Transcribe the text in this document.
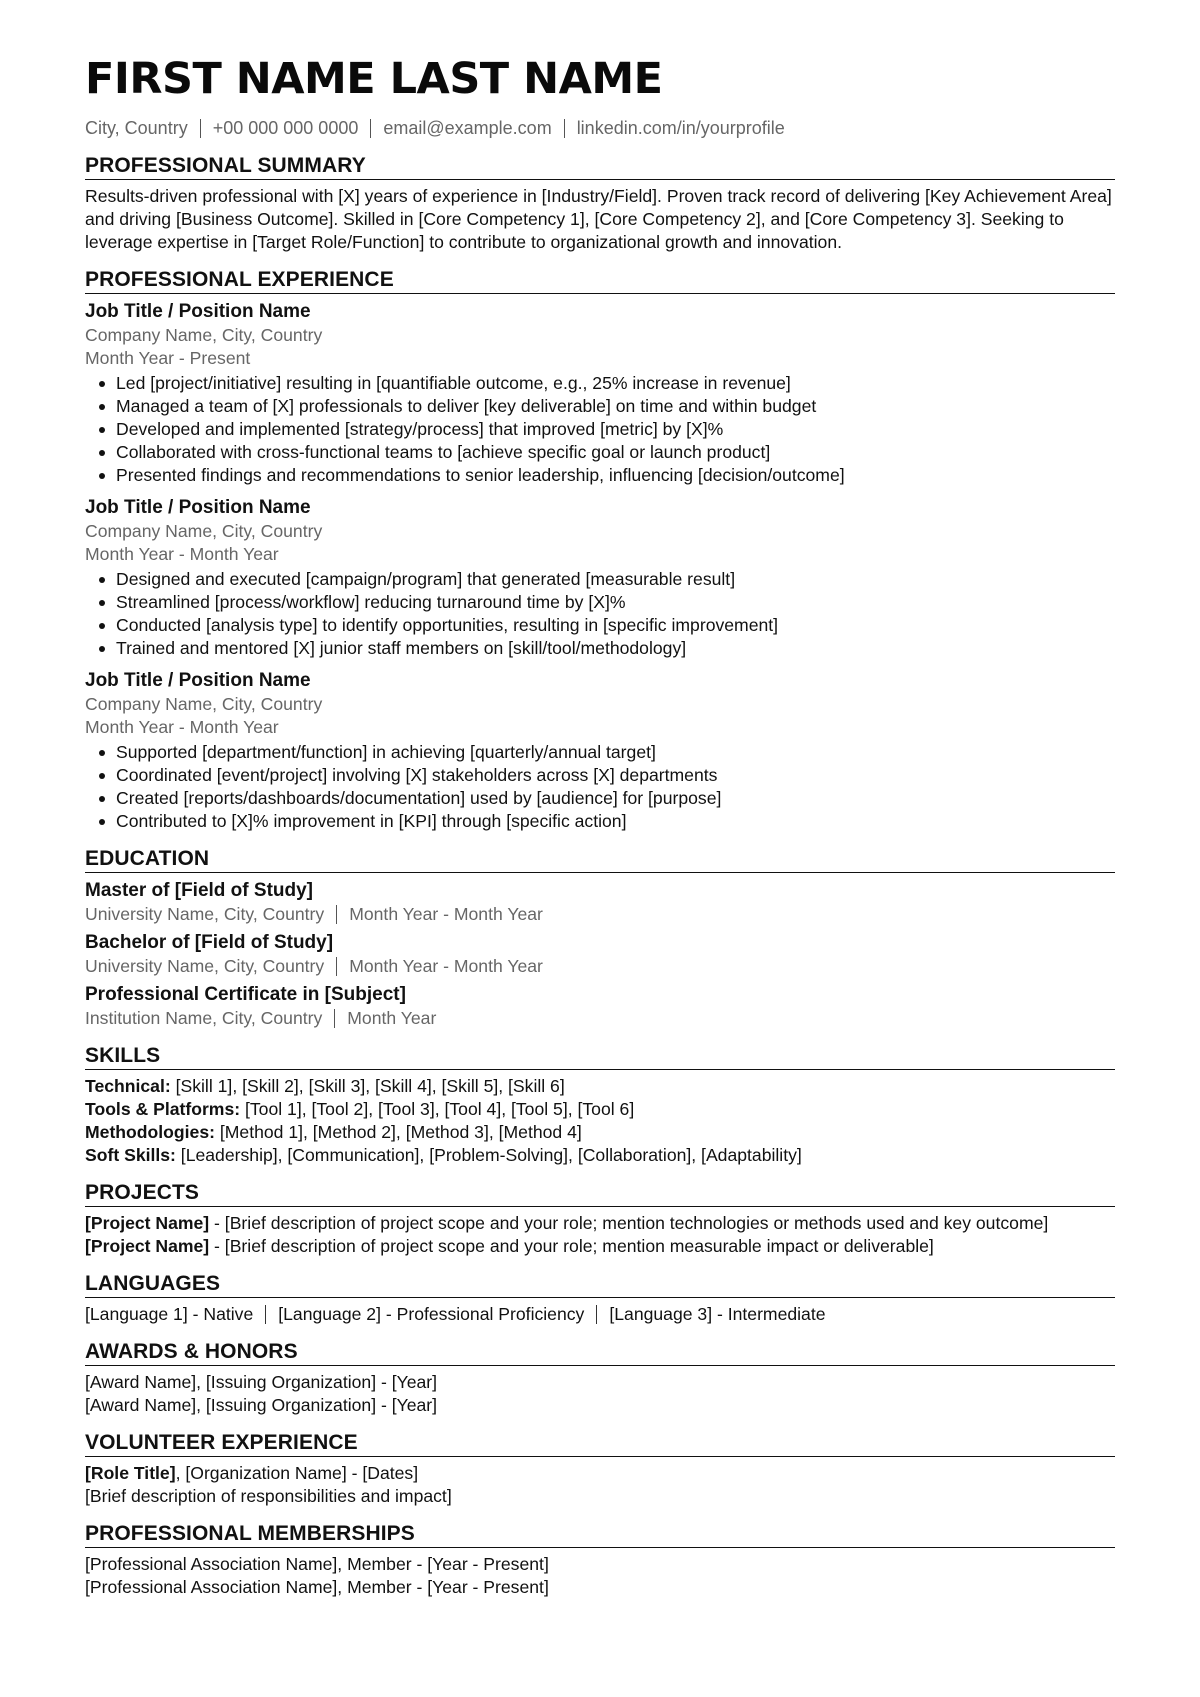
FIRST NAME LAST NAME
City, Country +00 000 000 0000 email@example.com linkedin.com/in/yourprofile
PROFESSIONAL SUMMARY
Results-driven professional with [X] years of experience in [Industry/Field]. Proven track record of delivering [Key Achievement Area] and driving [Business Outcome]. Skilled in [Core Competency 1], [Core Competency 2], and [Core Competency 3]. Seeking to leverage expertise in [Target Role/Function] to contribute to organizational growth and innovation.
PROFESSIONAL EXPERIENCE
Job Title / Position Name
Company Name, City, Country
Month Year - Present
Led [project/initiative] resulting in [quantifiable outcome, e.g., 25% increase in revenue]
Managed a team of [X] professionals to deliver [key deliverable] on time and within budget
Developed and implemented [strategy/process] that improved [metric] by [X]%
Collaborated with cross-functional teams to [achieve specific goal or launch product]
Presented findings and recommendations to senior leadership, influencing [decision/outcome]
Job Title / Position Name
Company Name, City, Country
Month Year - Month Year
Designed and executed [campaign/program] that generated [measurable result]
Streamlined [process/workflow] reducing turnaround time by [X]%
Conducted [analysis type] to identify opportunities, resulting in [specific improvement]
Trained and mentored [X] junior staff members on [skill/tool/methodology]
Job Title / Position Name
Company Name, City, Country
Month Year - Month Year
Supported [department/function] in achieving [quarterly/annual target]
Coordinated [event/project] involving [X] stakeholders across [X] departments
Created [reports/dashboards/documentation] used by [audience] for [purpose]
Contributed to [X]% improvement in [KPI] through [specific action]
EDUCATION
Master of [Field of Study]
University Name, City, Country Month Year - Month Year
Bachelor of [Field of Study]
University Name, City, Country Month Year - Month Year
Professional Certificate in [Subject]
Institution Name, City, Country Month Year
SKILLS
Technical: [Skill 1], [Skill 2], [Skill 3], [Skill 4], [Skill 5], [Skill 6]
Tools & Platforms: [Tool 1], [Tool 2], [Tool 3], [Tool 4], [Tool 5], [Tool 6]
Methodologies: [Method 1], [Method 2], [Method 3], [Method 4]
Soft Skills: [Leadership], [Communication], [Problem-Solving], [Collaboration], [Adaptability]
PROJECTS
[Project Name] - [Brief description of project scope and your role; mention technologies or methods used and key outcome]
[Project Name] - [Brief description of project scope and your role; mention measurable impact or deliverable]
LANGUAGES
[Language 1] - Native [Language 2] - Professional Proficiency [Language 3] - Intermediate
AWARDS & HONORS
[Award Name], [Issuing Organization] - [Year]
[Award Name], [Issuing Organization] - [Year]
VOLUNTEER EXPERIENCE
[Role Title], [Organization Name] - [Dates]
[Brief description of responsibilities and impact]
PROFESSIONAL MEMBERSHIPS
[Professional Association Name], Member - [Year - Present]
[Professional Association Name], Member - [Year - Present]
